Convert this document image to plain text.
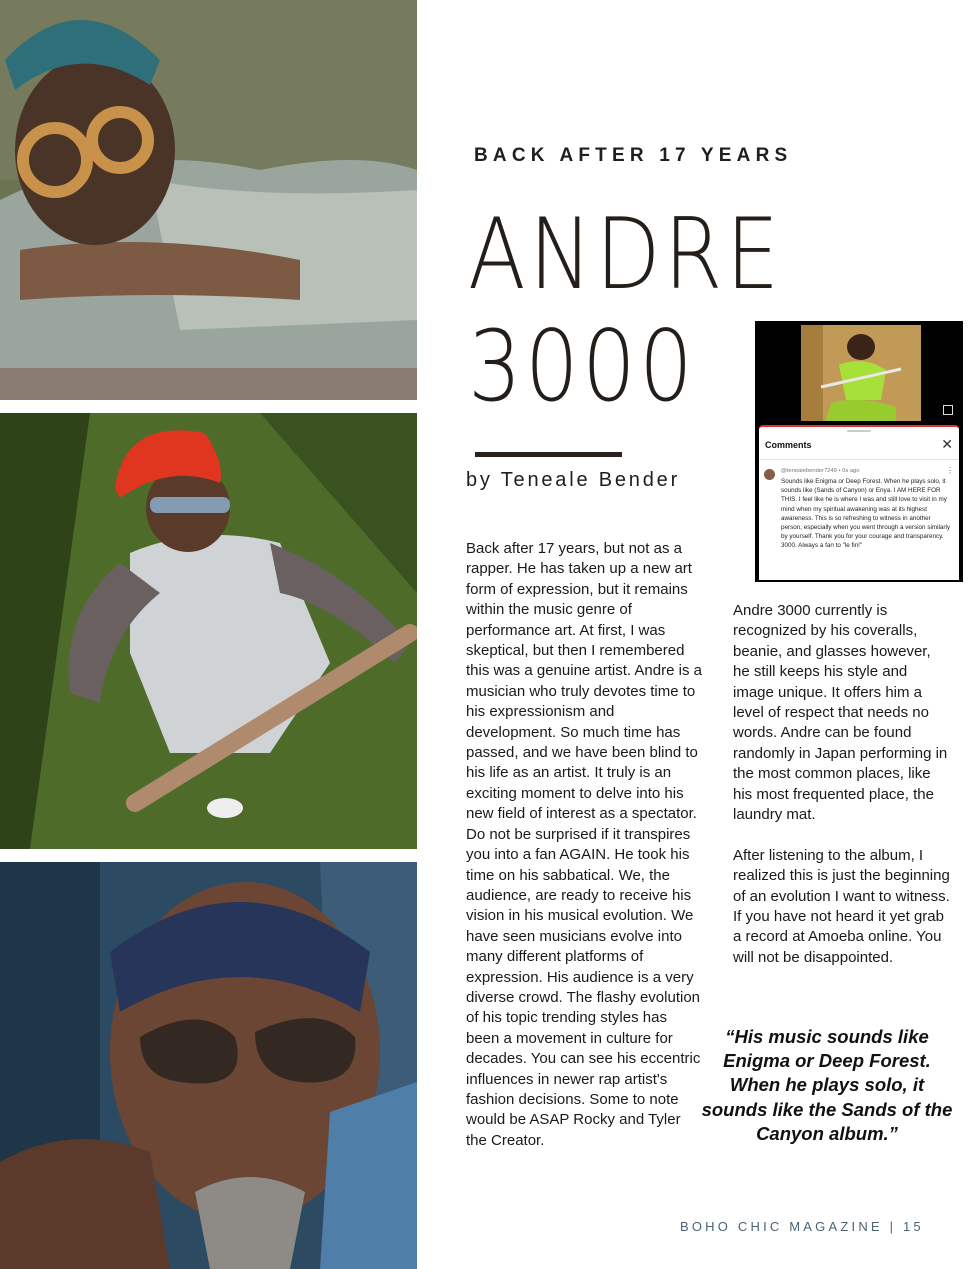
BACK AFTER 17 YEARS
ANDRE
3000
by Teneale Bender
Comments	✕
@tenealebender7249 • 0s ago	⋮
Sounds like Enigma or Deep Forest. When he plays solo, it sounds like (Sands of Canyon) or Enya. I AM HERE FOR THIS. I feel like he is where I was and still love to visit in my mind when my spiritual awakening was at its highest awareness. This is so refreshing to witness in another person, especially when you went through a version similarly by yourself. Thank you for your courage and transparency. 3000. Always a fan to "le fin!"
Back after 17 years, but not as a rapper. He has taken up a new art form of expression, but it remains within the music genre of performance art. At first, I was skeptical, but then I remembered this was a genuine artist. Andre is a musician who truly devotes time to his expressionism and development. So much time has passed, and we have been blind to his life as an artist. It truly is an exciting moment to delve into his new field of interest as a spectator. Do not be surprised if it transpires you into a fan AGAIN. He took his time on his sabbatical. We, the audience, are ready to receive his vision in his musical evolution. We have seen musicians evolve into many different platforms of expression. His audience is a very diverse crowd. The flashy evolution of his topic trending styles has been a movement in culture for decades. You can see his eccentric influences in newer rap artist's fashion decisions. Some to note would be ASAP Rocky and Tyler the Creator.

Andre 3000 currently is recognized by his coveralls, beanie, and glasses however, he still keeps his style and image unique. It offers him a level of respect that needs no words. Andre can be found randomly in Japan performing in the most common places, like his most frequented place, the laundry mat.

After listening to the album, I realized this is just the beginning of an evolution I want to witness. If you have not heard it yet grab a record at Amoeba online. You will not be disappointed.

“His music sounds like Enigma or Deep Forest. When he plays solo, it sounds like the Sands of the Canyon album.”
BOHO CHIC MAGAZINE | 15
